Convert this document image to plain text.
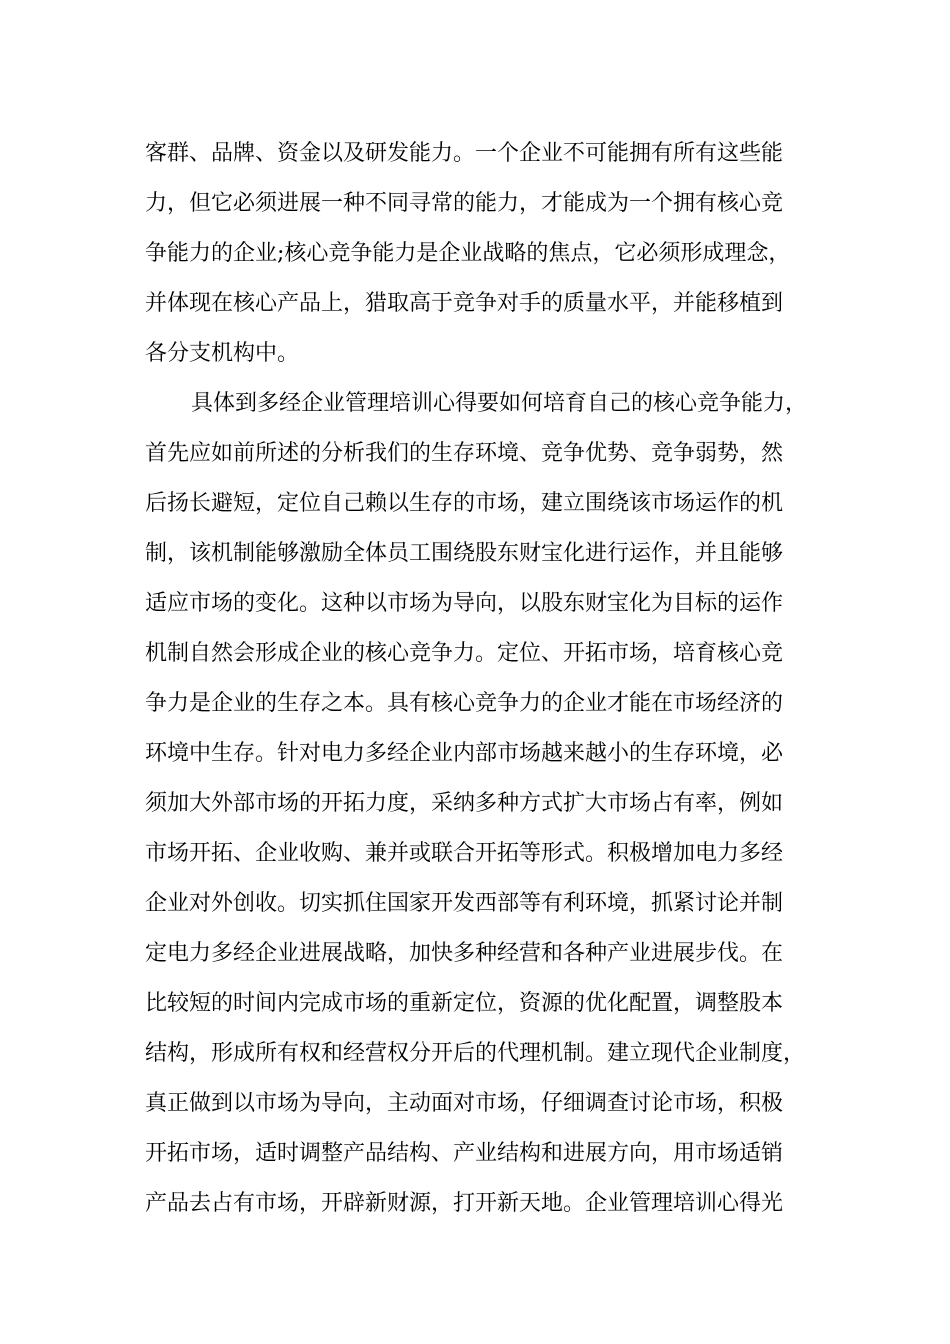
客群、品牌、资金以及研发能力。一个企业不可能拥有所有这些能
力，但它必须进展一种不同寻常的能力，才能成为一个拥有核心竞
争能力的企业;核心竞争能力是企业战略的焦点，它必须形成理念，
并体现在核心产品上，猎取高于竞争对手的质量水平，并能移植到
各分支机构中。
具体到多经企业管理培训心得要如何培育自己的核心竞争能力，
首先应如前所述的分析我们的生存环境、竞争优势、竞争弱势，然
后扬长避短，定位自己赖以生存的市场，建立围绕该市场运作的机
制，该机制能够激励全体员工围绕股东财宝化进行运作，并且能够
适应市场的变化。这种以市场为导向，以股东财宝化为目标的运作
机制自然会形成企业的核心竞争力。定位、开拓市场，培育核心竞
争力是企业的生存之本。具有核心竞争力的企业才能在市场经济的
环境中生存。针对电力多经企业内部市场越来越小的生存环境，必
须加大外部市场的开拓力度，采纳多种方式扩大市场占有率，例如
市场开拓、企业收购、兼并或联合开拓等形式。积极增加电力多经
企业对外创收。切实抓住国家开发西部等有利环境，抓紧讨论并制
定电力多经企业进展战略，加快多种经营和各种产业进展步伐。在
比较短的时间内完成市场的重新定位，资源的优化配置，调整股本
结构，形成所有权和经营权分开后的代理机制。建立现代企业制度，
真正做到以市场为导向，主动面对市场，仔细调查讨论市场，积极
开拓市场，适时调整产品结构、产业结构和进展方向，用市场适销
产品去占有市场，开辟新财源，打开新天地。企业管理培训心得光
